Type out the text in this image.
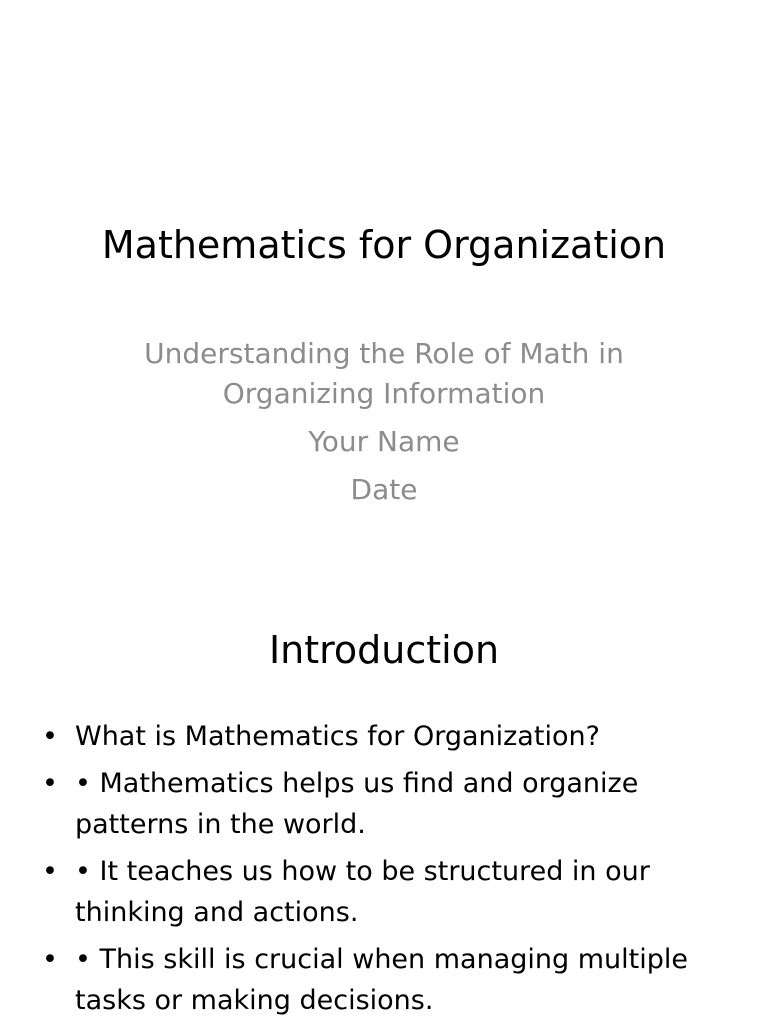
Mathematics for Organization
Understanding the Role of Math in Organizing Information
Your Name
Date
Introduction
• What is Mathematics for Organization?
• • Mathematics helps us find and organize patterns in the world.
• • It teaches us how to be structured in our thinking and actions.
• • This skill is crucial when managing multiple tasks or making decisions.
